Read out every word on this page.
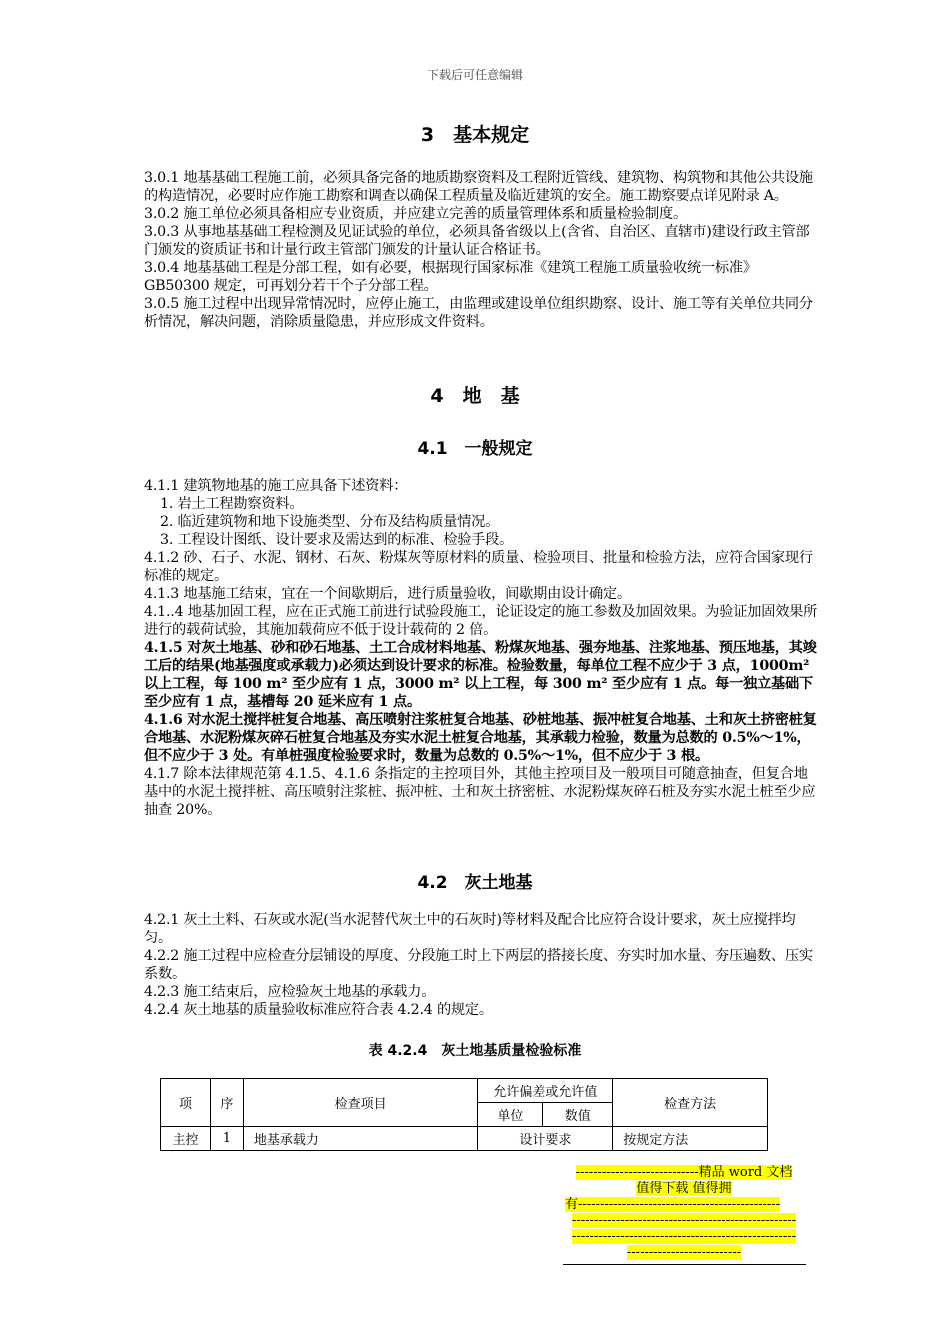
下载后可任意编辑
3　基本规定

3.0.1 地基基础工程施工前，必须具备完备的地质勘察资料及工程附近管线、建筑物、构筑物和其他公共设施的构造情况，必要时应作施工勘察和调查以确保工程质量及临近建筑的安全。施工勘察要点详见附录 A。

3.0.2 施工单位必须具备相应专业资质，并应建立完善的质量管理体系和质量检验制度。

3.0.3 从事地基基础工程检测及见证试验的单位，必须具备省级以上(含省、自治区、直辖市)建设行政主管部门颁发的资质证书和计量行政主管部门颁发的计量认证合格证书。

3.0.4 地基基础工程是分部工程，如有必要，根据现行国家标准《建筑工程施工质量验收统一标准》GB50300 规定，可再划分若干个子分部工程。

3.0.5 施工过程中出现异常情况时，应停止施工，由监理或建设单位组织勘察、设计、施工等有关单位共同分析情况，解决问题，消除质量隐患，并应形成文件资料。

4　地　基
4.1　一般规定

4.1.1 建筑物地基的施工应具备下述资料：

1. 岩土工程勘察资料。

2. 临近建筑物和地下设施类型、分布及结构质量情况。

3. 工程设计图纸、设计要求及需达到的标准、检验手段。

4.1.2 砂、石子、水泥、钢材、石灰、粉煤灰等原材料的质量、检验项目、批量和检验方法，应符合国家现行标准的规定。

4.1.3 地基施工结束，宜在一个间歇期后，进行质量验收，间歇期由设计确定。

4.1..4 地基加固工程，应在正式施工前进行试验段施工，论证设定的施工参数及加固效果。为验证加固效果所进行的载荷试验，其施加载荷应不低于设计载荷的 2 倍。

4.1.5 对灰土地基、砂和砂石地基、土工合成材料地基、粉煤灰地基、强夯地基、注浆地基、预压地基，其竣工后的结果(地基强度或承载力)必须达到设计要求的标准。检验数量，每单位工程不应少于 3 点，1000m² 以上工程，每 100 m² 至少应有 1 点，3000 m² 以上工程，每 300 m² 至少应有 1 点。每一独立基础下至少应有 1 点，基槽每 20 延米应有 1 点。

4.1.6 对水泥土搅拌桩复合地基、高压喷射注浆桩复合地基、砂桩地基、振冲桩复合地基、土和灰土挤密桩复合地基、水泥粉煤灰碎石桩复合地基及夯实水泥土桩复合地基，其承载力检验，数量为总数的 0.5%～1%，但不应少于 3 处。有单桩强度检验要求时，数量为总数的 0.5%～1%，但不应少于 3 根。

4.1.7 除本法律规范第 4.1.5、4.1.6 条指定的主控项目外，其他主控项目及一般项目可随意抽查，但复合地基中的水泥土搅拌桩、高压喷射注浆桩、振冲桩、土和灰土挤密桩、水泥粉煤灰碎石桩及夯实水泥土桩至少应抽查 20%。

4.2　灰土地基

4.2.1 灰土土料、石灰或水泥(当水泥替代灰土中的石灰时)等材料及配合比应符合设计要求，灰土应搅拌均匀。

4.2.2 施工过程中应检查分层铺设的厚度、分段施工时上下两层的搭接长度、夯实时加水量、夯压遍数、压实系数。

4.2.3 施工结束后，应检验灰土地基的承载力。

4.2.4 灰土地基的质量验收标准应符合表 4.2.4 的规定。

表 4.2.4　灰土地基质量检验标准
项	序	检查项目	允许偏差或允许值		检查方法
			单位	数值	
主控	1	地基承载力	设计要求		按规定方法
----------------------------精品 word 文档
值得下载 值得拥
有----------------------------------------------
---------------------------------------------------
---------------------------------------------------
--------------------------
